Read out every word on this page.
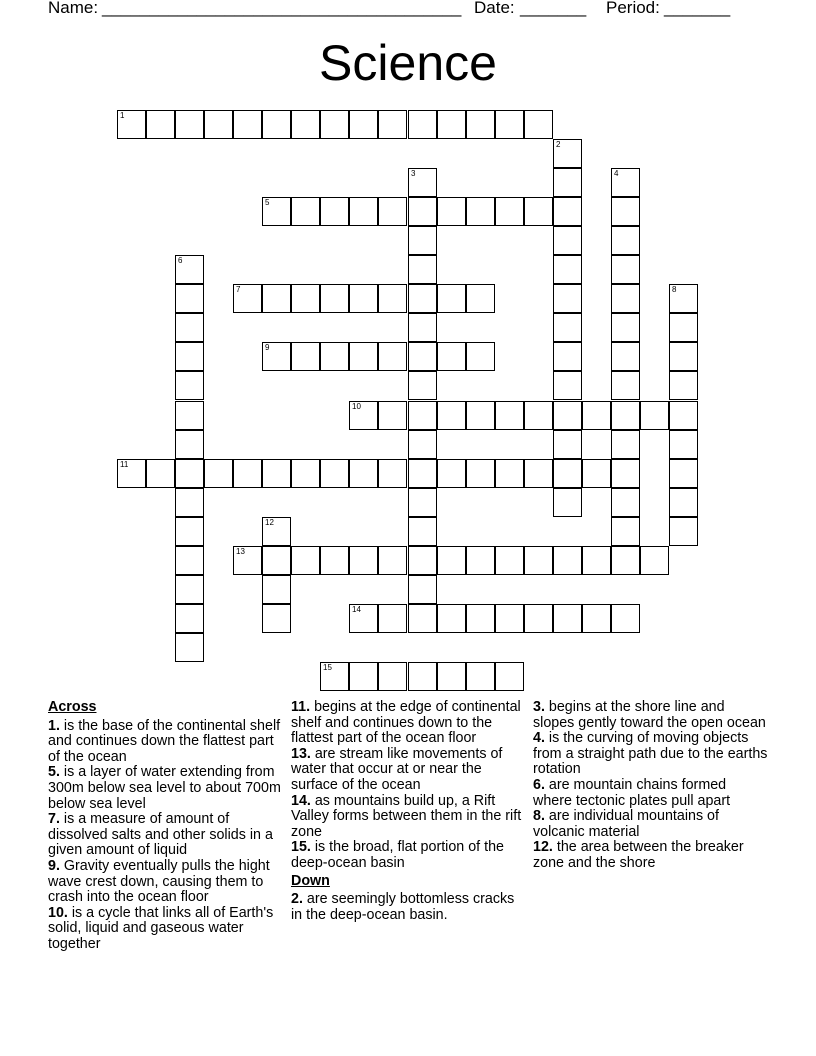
Name: ______________________________________ Date: _______ Period: _______
Science
1
2
3	4
5
6
7	8
9
10
11
12
13
14
15
Across
1. is the base of the continental shelf and continues down the flattest part of the ocean
5. is a layer of water extending from 300m below sea level to about 700m below sea level
7. is a measure of amount of dissolved salts and other solids in a given amount of liquid
9. Gravity eventually pulls the hight wave crest down, causing them to crash into the ocean floor
10. is a cycle that links all of Earth's solid, liquid and gaseous water together
11. begins at the edge of continental shelf and continues down to the flattest part of the ocean floor
13. are stream like movements of water that occur at or near the surface of the ocean
14. as mountains build up, a Rift Valley forms between them in the rift zone
15. is the broad, flat portion of the deep-ocean basin
Down
2. are seemingly bottomless cracks in the deep-ocean basin.
3. begins at the shore line and slopes gently toward the open ocean
4. is the curving of moving objects from a straight path due to the earths rotation
6. are mountain chains formed where tectonic plates pull apart
8. are individual mountains of volcanic material
12. the area between the breaker zone and the shore
